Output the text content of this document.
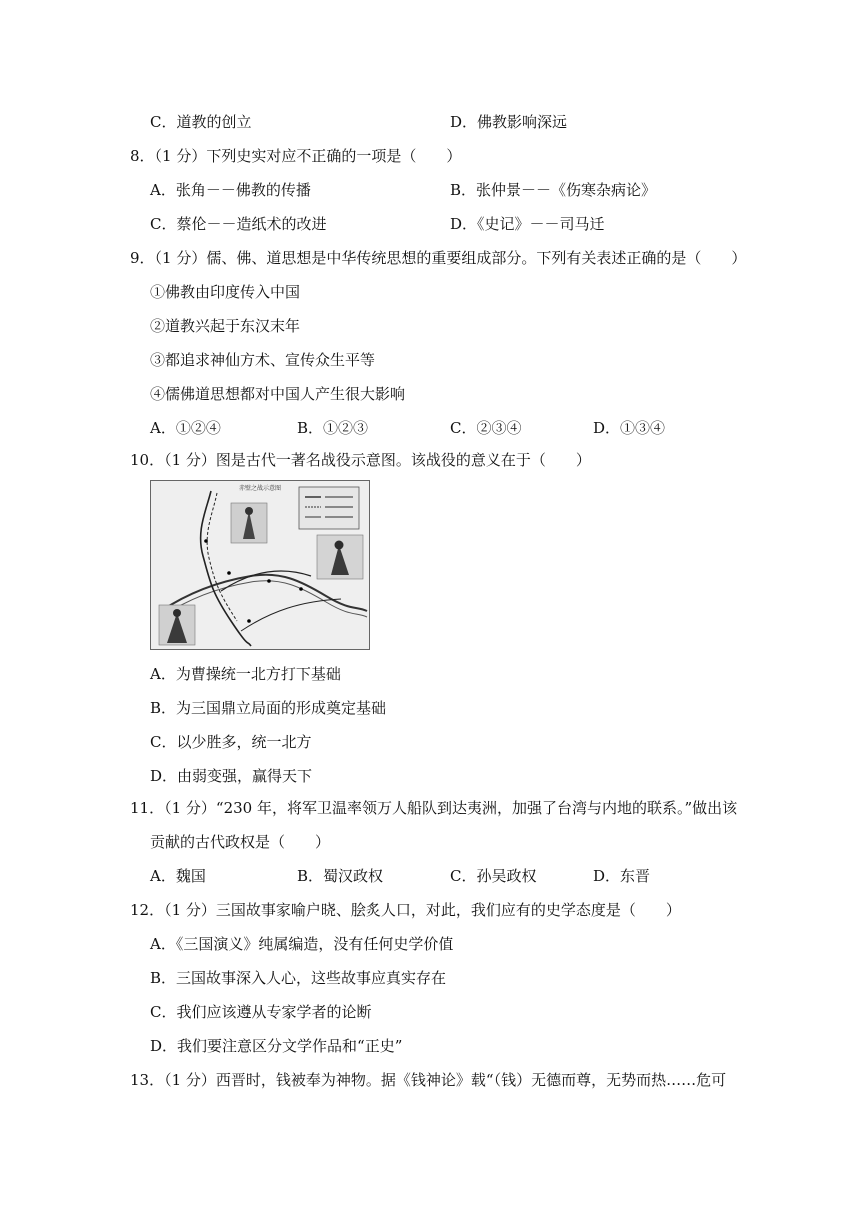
C．道教的创立	D．佛教影响深远
8．（1 分）下列史实对应不正确的一项是（　　）
A．张角－－佛教的传播	B．张仲景－－《伤寒杂病论》
C．蔡伦－－造纸术的改进	D．《史记》－－司马迁
9．（1 分）儒、佛、道思想是中华传统思想的重要组成部分。下列有关表述正确的是（　　）
①佛教由印度传入中国
②道教兴起于东汉末年
③都追求神仙方术、宣传众生平等
④儒佛道思想都对中国人产生很大影响
A．①②④	B．①②③	C．②③④	D．①③④
10．（1 分）图是古代一著名战役示意图。该战役的意义在于（　　）
赤壁之战示意图
A．为曹操统一北方打下基础
B．为三国鼎立局面的形成奠定基础
C．以少胜多，统一北方
D．由弱变强，赢得天下
11．（1 分）“230 年，将军卫温率领万人船队到达夷洲，加强了台湾与内地的联系。”做出该
贡献的古代政权是（　　）
A．魏国	B．蜀汉政权	C．孙吴政权	D．东晋
12．（1 分）三国故事家喻户晓、脍炙人口，对此，我们应有的史学态度是（　　）
A．《三国演义》纯属编造，没有任何史学价值
B．三国故事深入人心，这些故事应真实存在
C．我们应该遵从专家学者的论断
D．我们要注意区分文学作品和“正史”
13．（1 分）西晋时，钱被奉为神物。据《钱神论》载“（钱）无德而尊，无势而热……危可
